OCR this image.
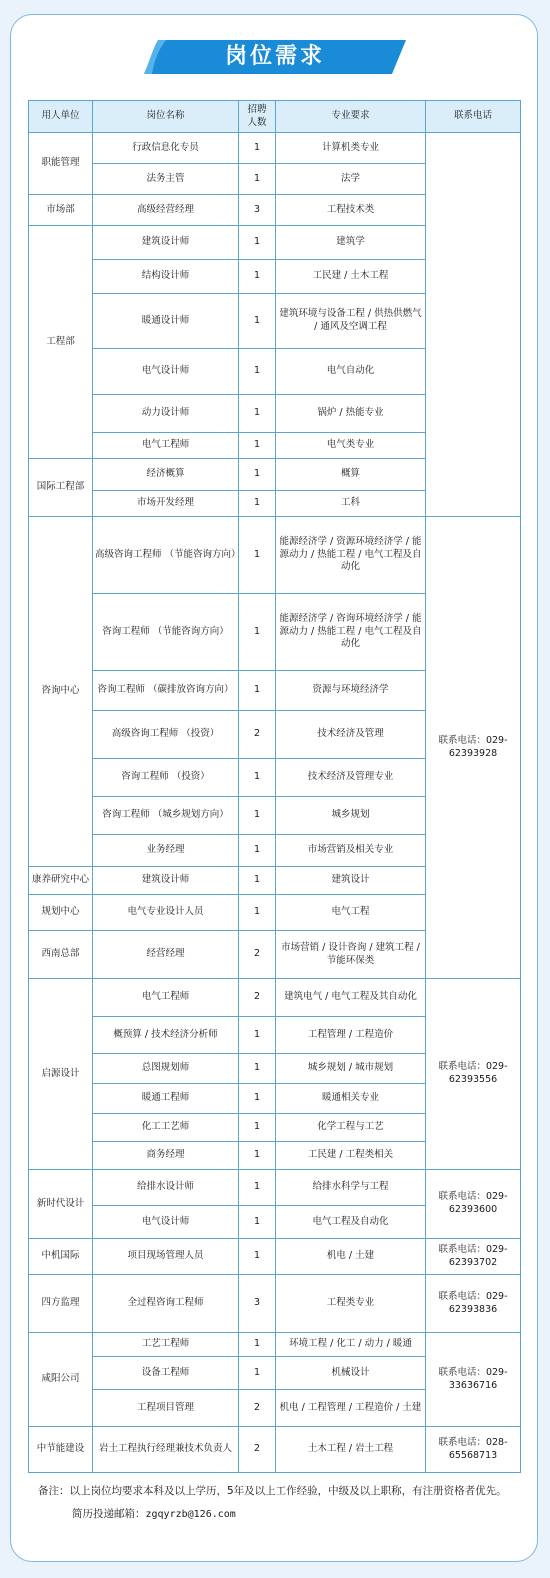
岗位需求
用人单位	岗位名称	招聘人数	专业要求	联系电话
职能管理	行政信息化专员	1	计算机类专业	
	法务主管	1	法学	
市场部	高级经营经理	3	工程技术类	
工程部	建筑设计师	1	建筑学	
	结构设计师	1	工民建 / 土木工程	
	暖通设计师	1	建筑环境与设备工程 / 供热供燃气 / 通风及空调工程	
	电气设计师	1	电气自动化	
	动力设计师	1	锅炉 / 热能专业	
	电气工程师	1	电气类专业	
国际工程部	经济概算	1	概算	
	市场开发经理	1	工科	
咨询中心	高级咨询工程师 （节能咨询方向）	1	能源经济学 / 资源环境经济学 / 能源动力 / 热能工程 / 电气工程及自动化	联系电话：029-62393928
	咨询工程师 （节能咨询方向）	1	能源经济学 / 咨询环境经济学 / 能源动力 / 热能工程 / 电气工程及自动化	
	咨询工程师 （碳排放咨询方向）	1	资源与环境经济学	
	高级咨询工程师 （投资）	2	技术经济及管理	
	咨询工程师 （投资）	1	技术经济及管理专业	
	咨询工程师 （城乡规划方向）	1	城乡规划	
	业务经理	1	市场营销及相关专业	
康养研究中心	建筑设计师	1	建筑设计	
规划中心	电气专业设计人员	1	电气工程	
西南总部	经营经理	2	市场营销 / 设计咨询 / 建筑工程 / 节能环保类	
启源设计	电气工程师	2	建筑电气 / 电气工程及其自动化	联系电话：029-62393556
	概预算 / 技术经济分析师	1	工程管理 / 工程造价	
	总图规划师	1	城乡规划 / 城市规划	
	暖通工程师	1	暖通相关专业	
	化工工艺师	1	化学工程与工艺	
	商务经理	1	工民建 / 工程类相关	
新时代设计	给排水设计师	1	给排水科学与工程	联系电话：029-62393600
	电气设计师	1	电气工程及自动化	
中机国际	项目现场管理人员	1	机电 / 土建	联系电话：029-62393702
四方监理	全过程咨询工程师	3	工程类专业	联系电话：029-62393836
咸阳公司	工艺工程师	1	环境工程 / 化工 / 动力 / 暖通	联系电话：029-33636716
	设备工程师	1	机械设计	
	工程项目管理	2	机电 / 工程管理 / 工程造价 / 土建	
中节能建设	岩土工程执行经理兼技术负责人	2	土木工程 / 岩土工程	联系电话：028-65568713
备注：以上岗位均要求本科及以上学历，5年及以上工作经验，中级及以上职称，有注册资格者优先。
简历投递邮箱：zgqyrzb@126.com
